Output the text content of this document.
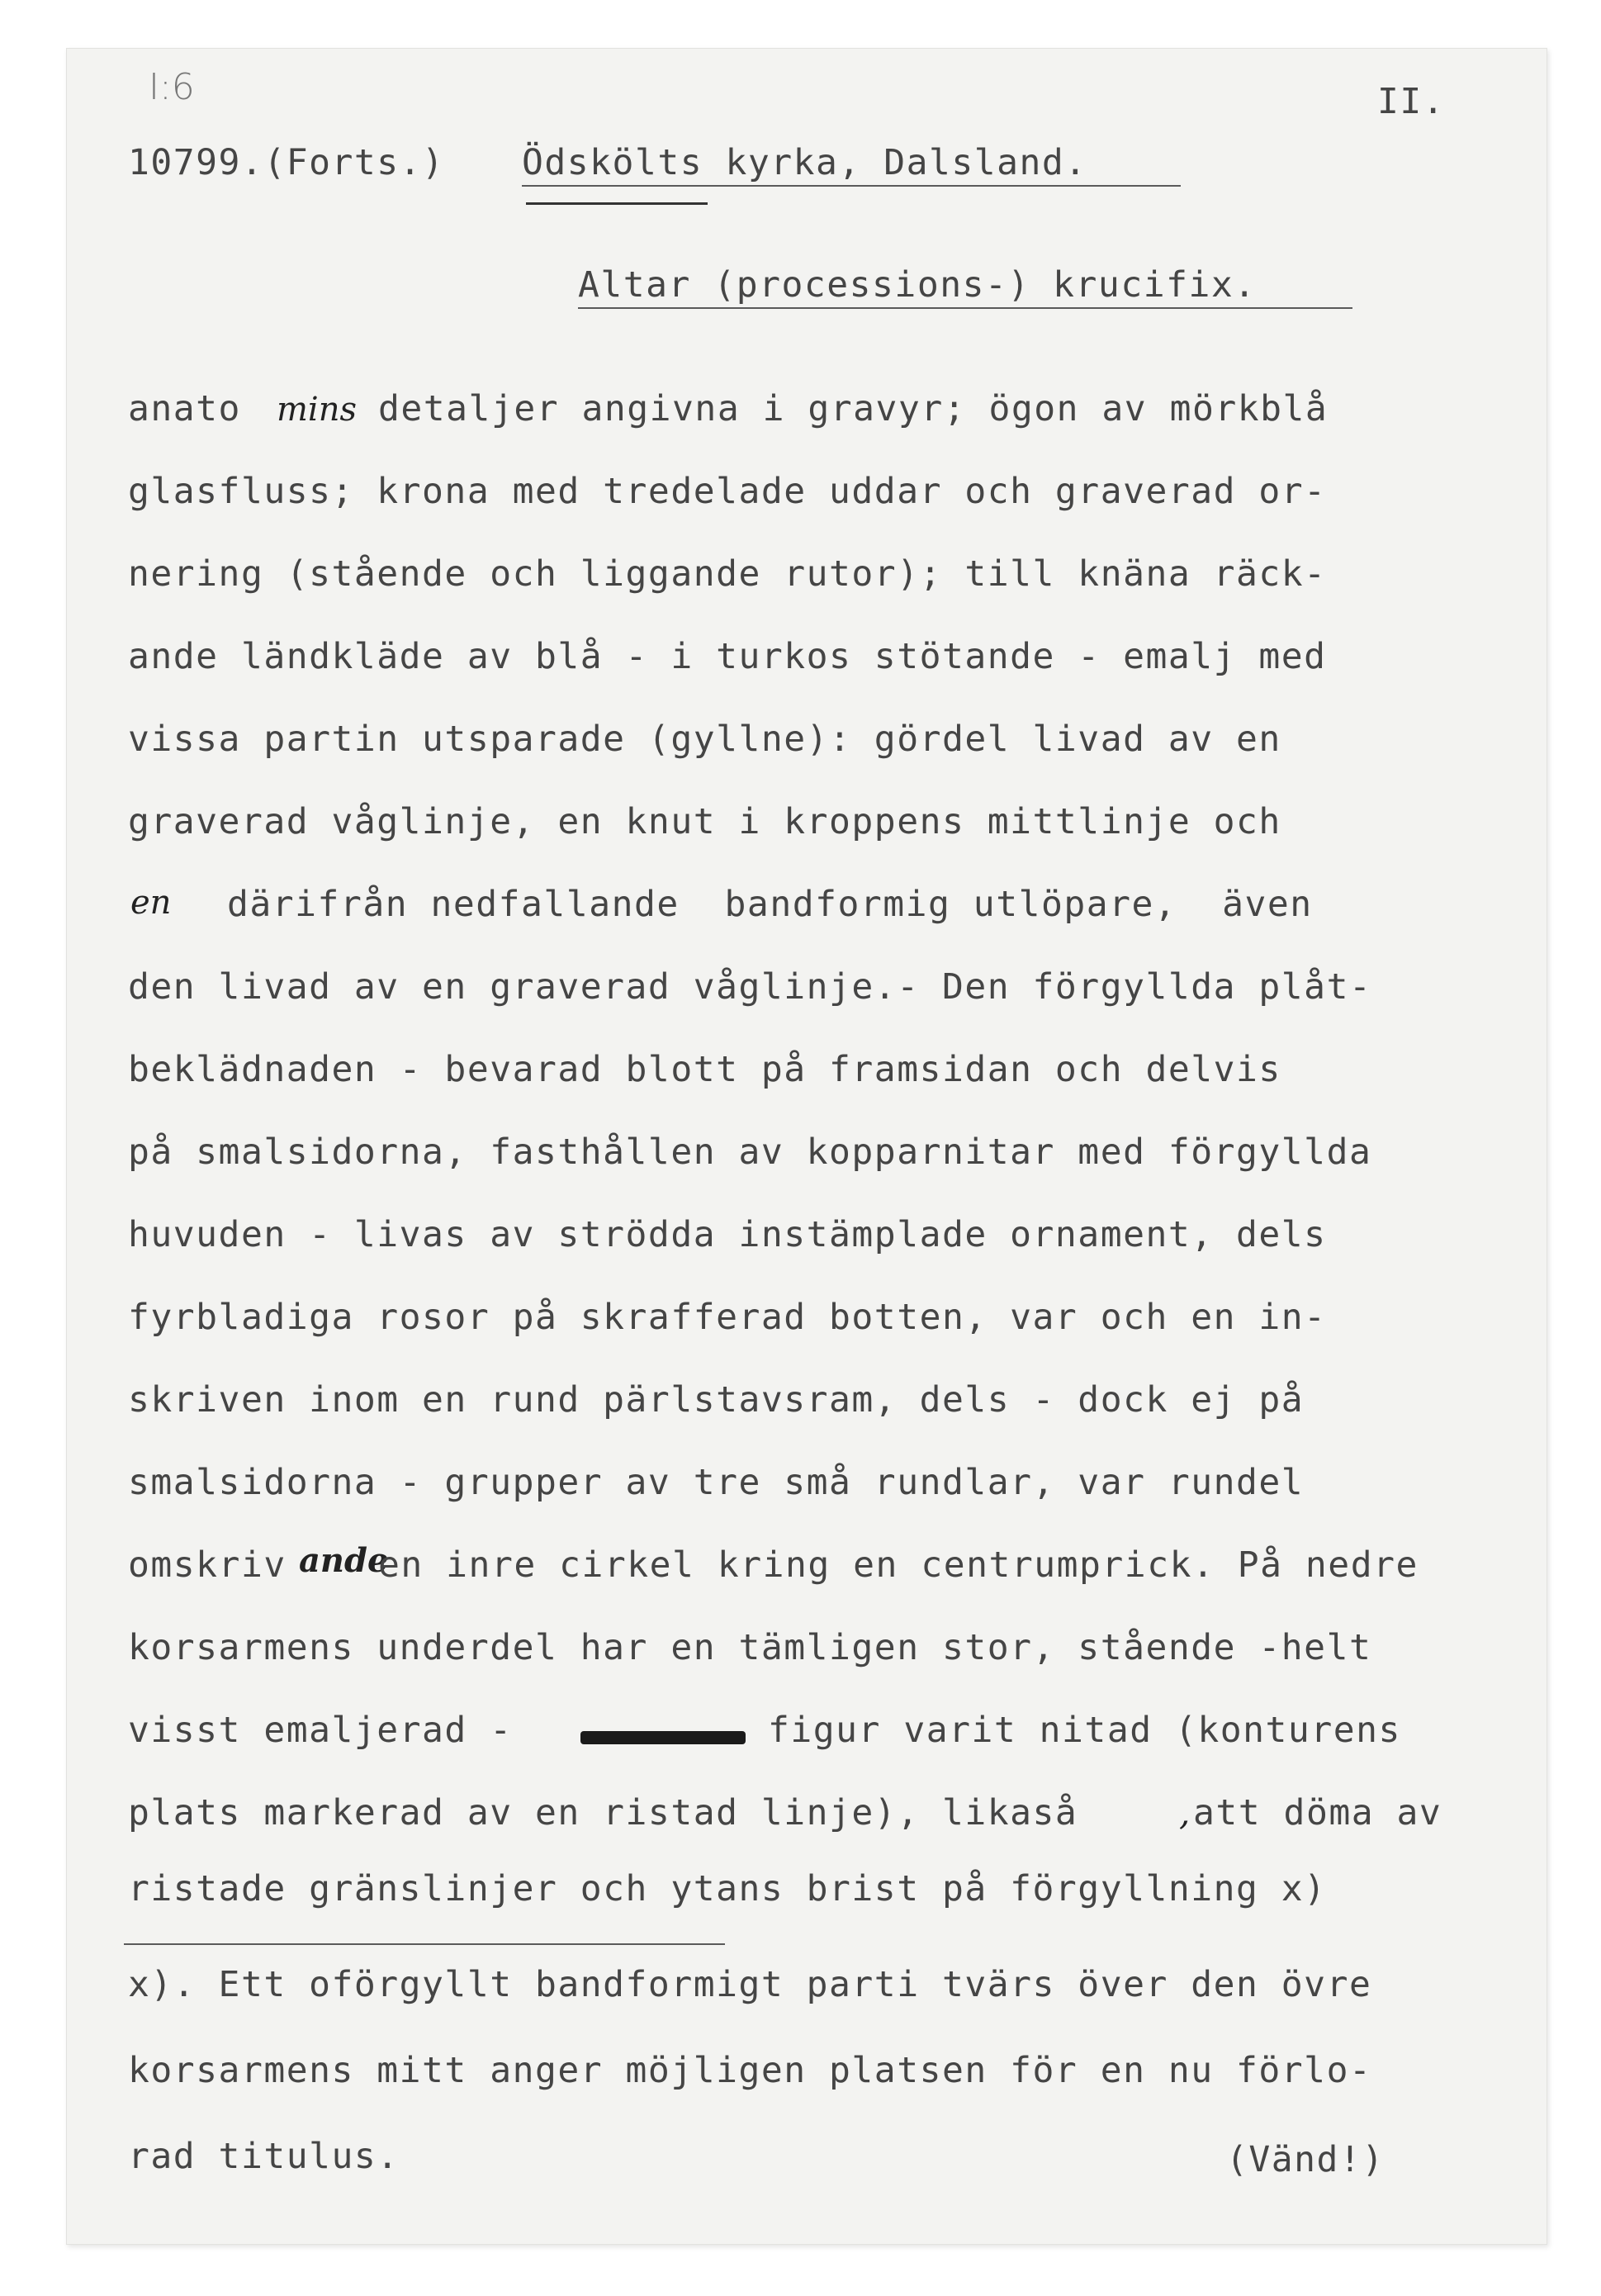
I:6	II.
10799.(Forts.) Ödskölts kyrka, Dalsland.
Altar (processions-) krucifix.
anato mins detaljer angivna i gravyr; ögon av mörkblå
glasfluss; krona med tredelade uddar och graverad or-
nering (stående och liggande rutor); till knäna räck-
ande ländkläde av blå - i turkos stötande - emalj med
vissa partin utsparade (gyllne): gördel livad av en
graverad våglinje, en knut i kroppens mittlinje och
en därifrån nedfallande  bandformig utlöpare,  även
den livad av en graverad våglinje.- Den förgyllda plåt-
beklädnaden - bevarad blott på framsidan och delvis
på smalsidorna, fasthållen av kopparnitar med förgyllda
huvuden - livas av strödda instämplade ornament, dels
fyrbladiga rosor på skrafferad botten, var och en in-
skriven inom en rund pärlstavsram, dels - dock ej på
smalsidorna - grupper av tre små rundlar, var rundel
omskriv ande
en inre cirkel kring en centrumprick. På nedre
korsarmens underdel har en tämligen stor, stående -helt
visst emaljerad -	figur varit nitad (konturens
plats markerad av en ristad linje), likaså	, att döma av
ristade gränslinjer och ytans brist på förgyllning x)
x). Ett oförgyllt bandformigt parti tvärs över den övre
korsarmens mitt anger möjligen platsen för en nu förlo-
rad titulus.	(Vänd!)
